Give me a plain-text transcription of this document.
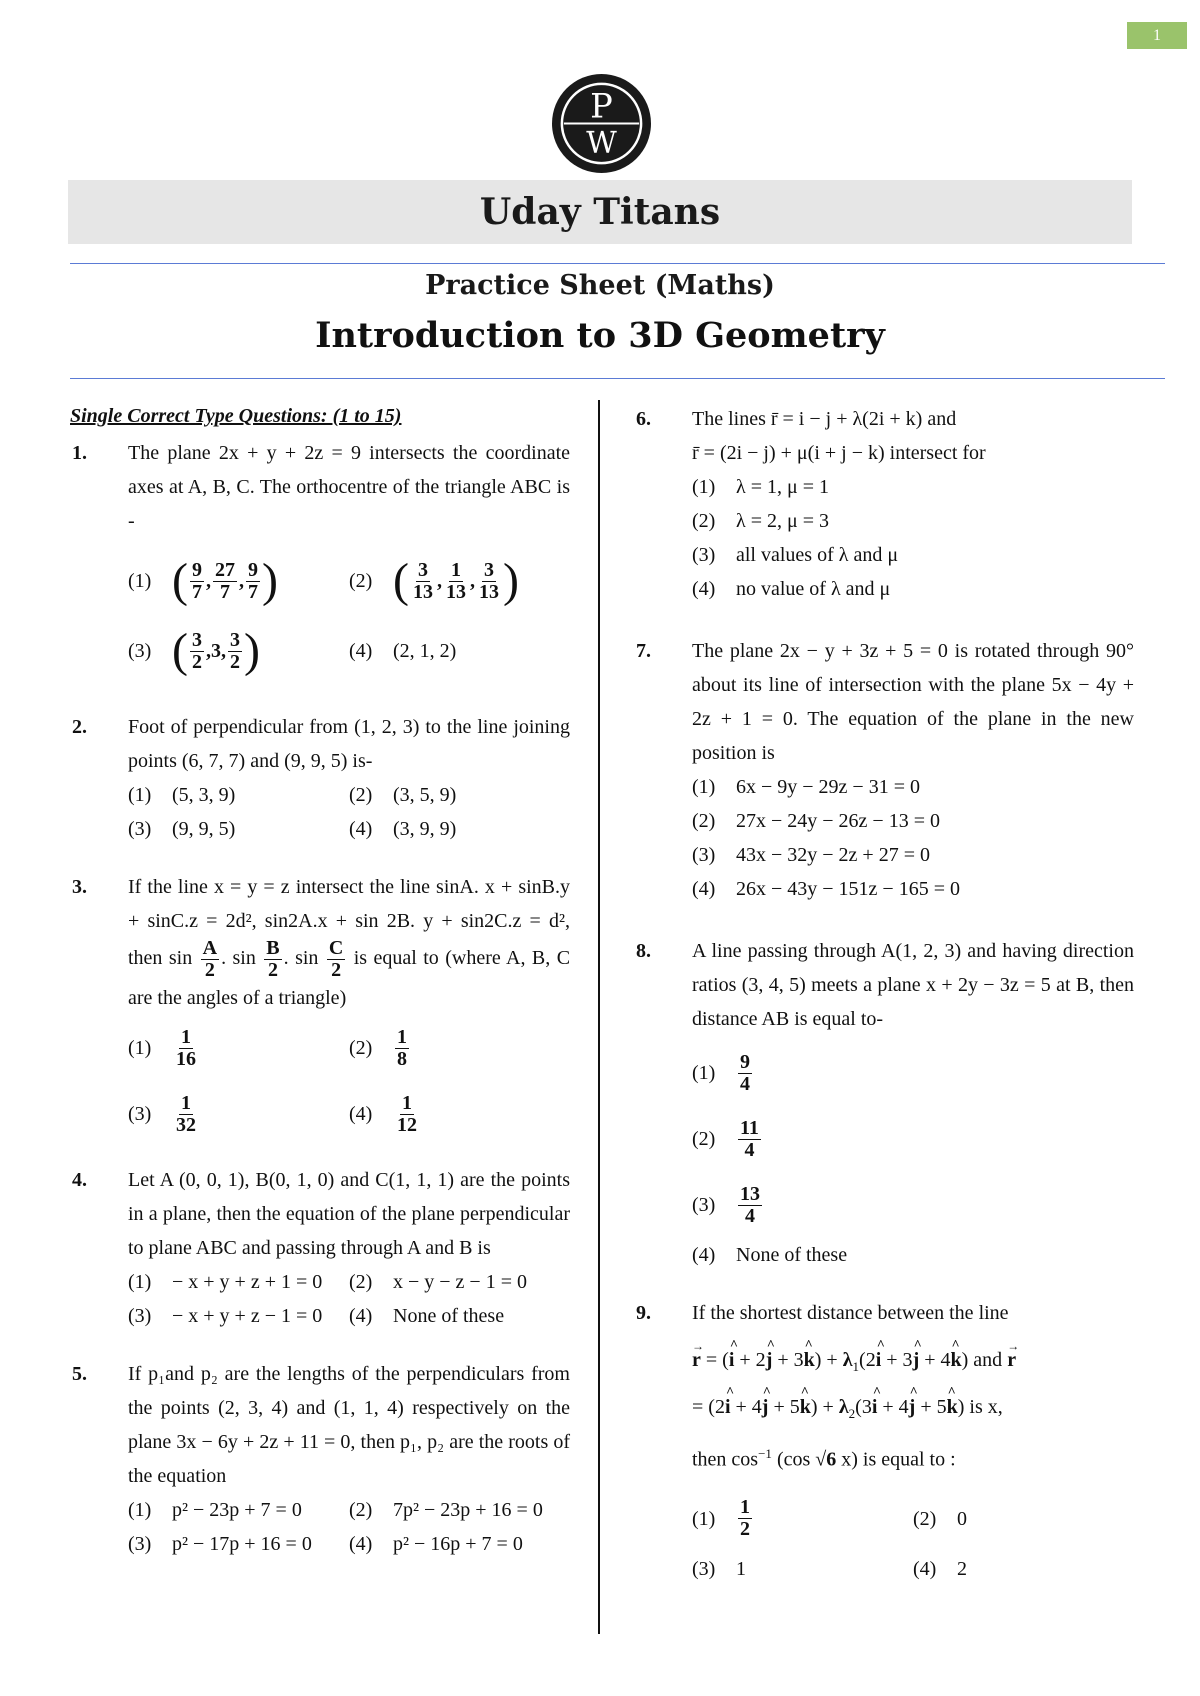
1
P
W
Uday Titans
Practice Sheet (Maths)
Introduction to 3D Geometry
Single Correct Type Questions: (1 to 15)
1. The plane 2x + y + 2z = 9 intersects the coordinate axes at A, B, C. The orthocentre of the triangle ABC is -
(1) ( $\frac{9}{7}$ , $\frac{27}{7}$ , $\frac{9}{7}$ )	(2) ( $\frac{3}{13}$ , $\frac{1}{13}$ , $\frac{3}{13}$ )
(3) ( $\frac{3}{2} ,3$, $\frac{3}{2}$ )	(4)	(2, 1, 2)
2. Foot of perpendicular from (1, 2, 3) to the line joining points (6, 7, 7) and (9, 9, 5) is-
(1)	(5, 3, 9)	(2)	(3, 5, 9)
(3)	(9, 9, 5)	(4)	(3, 9, 9)
3. If the line x = y = z intersect the line sinA. x + sinB.y + sinC.z = 2d², sin2A.x + sin 2B. y + sin2C.z = d², then $\sin \frac{A}{2}$ . $\sin \frac{B}{2}$ . $\sin \frac{C}{2}$ is equal to (where A, B, C are the angles of a triangle)
(1)	$\frac{1}{16}$	(2)	$\frac{1}{8}$
(3)	$\frac{1}{32}$	(4)	$\frac{1}{12}$
4. Let A (0, 0, 1), B(0, 1, 0) and C(1, 1, 1) are the points in a plane, then the equation of the plane perpendicular to plane ABC and passing through A and B is
(1)	− x + y + z + 1 = 0 (2)	x − y − z − 1 = 0
(3)	− x + y + z − 1 = 0 (4)	None of these
5. If p₁and p₂ are the lengths of the perpendiculars from the points (2, 3, 4) and (1, 1, 4) respectively on the plane 3x − 6y + 2z + 11 = 0, then p₁, p₂ are the roots of the equation
(1)	p² − 23p + 7 = 0 (2)	7p² − 23p + 16 = 0
(3)	p² − 17p + 16 = 0 (4)	p² − 16p + 7 = 0
6. The lines r̄ = i − j + λ(2i + k) and
r̄ = (2i − j) + μ(i + j − k) intersect for
(1)	λ = 1, μ = 1
(2)	λ = 2, μ = 3
(3)	all values of λ and μ
(4)	no value of λ and μ
7. The plane 2x − y + 3z + 5 = 0 is rotated through 90° about its line of intersection with the plane 5x − 4y + 2z + 1 = 0. The equation of the plane in the new position is
(1)	6x − 9y − 29z − 31 = 0
(2)	27x − 24y − 26z − 13 = 0
(3)	43x − 32y − 2z + 27 = 0
(4)	26x − 43y − 151z − 165 = 0
8. A line passing through A(1, 2, 3) and having direction ratios (3, 4, 5) meets a plane x + 2y − 3z = 5 at B, then distance AB is equal to-
(1)	$\frac{9}{4}$
(2)	$\frac{11}{4}$
(3)	$\frac{13}{4}$
(4)	None of these
9. If the shortest distance between the line
→ r = (^ i + 2^ j + 3^ $k) + \lambda_1(2\^{}$ i + 3^ j + 4^ k) and → r
= (2^ i + 4^ j + 5^ $k) + \lambda_2(3\^{}$ i + 4^ j + 5^ k) is x,
then $\cos^{-1} (\cos$ √6 x) is equal to :
(1)	$\frac{1}{2}$	(2)	0
(3)	1	(4)	2
